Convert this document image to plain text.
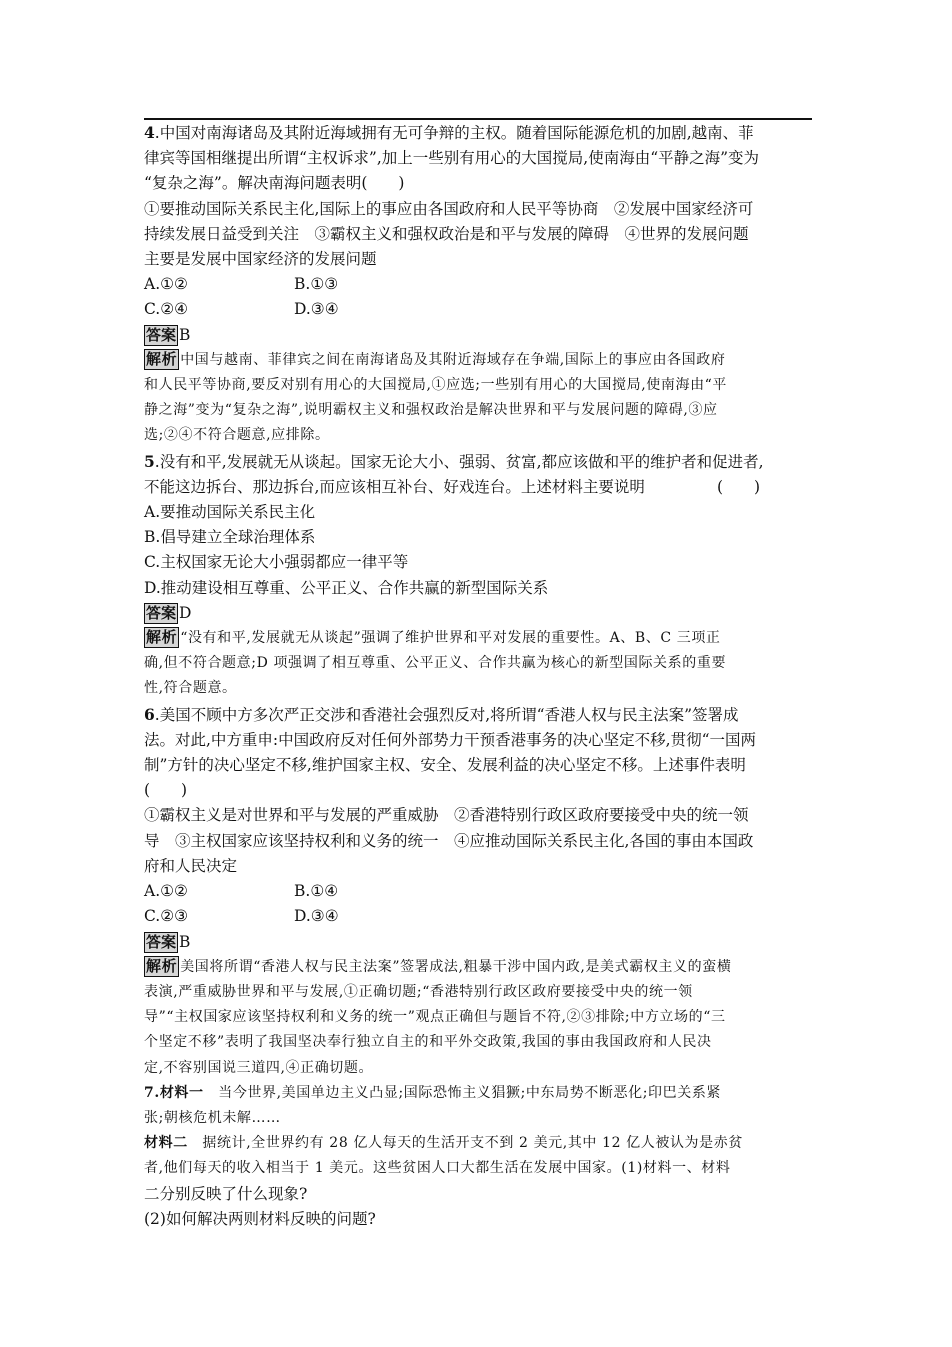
4.中国对南海诸岛及其附近海域拥有无可争辩的主权。随着国际能源危机的加剧,越南、菲
律宾等国相继提出所谓“主权诉求”,加上一些别有用心的大国搅局,使南海由“平静之海”变为
“复杂之海”。解决南海问题表明(　　)
①要推动国际关系民主化,国际上的事应由各国政府和人民平等协商　②发展中国家经济可
持续发展日益受到关注　③霸权主义和强权政治是和平与发展的障碍　④世界的发展问题
主要是发展中国家经济的发展问题
A.①②	B.①③
C.②④	D.③④
答案 B
解析 中国与越南、菲律宾之间在南海诸岛及其附近海域存在争端,国际上的事应由各国政府
和人民平等协商,要反对别有用心的大国搅局,①应选;一些别有用心的大国搅局,使南海由“平
静之海”变为“复杂之海”,说明霸权主义和强权政治是解决世界和平与发展问题的障碍,③应
选;②④不符合题意,应排除。
5.没有和平,发展就无从谈起。国家无论大小、强弱、贫富,都应该做和平的维护者和促进者,
不能这边拆台、那边拆台,而应该相互补台、好戏连台。上述材料主要说明	(　　)
A.要推动国际关系民主化
B.倡导建立全球治理体系
C.主权国家无论大小强弱都应一律平等
D.推动建设相互尊重、公平正义、合作共赢的新型国际关系
答案 D
解析 “没有和平,发展就无从谈起”强调了维护世界和平对发展的重要性。A、B、C 三项正
确,但不符合题意;D 项强调了相互尊重、公平正义、合作共赢为核心的新型国际关系的重要
性,符合题意。
6.美国不顾中方多次严正交涉和香港社会强烈反对,将所谓“香港人权与民主法案”签署成
法。对此,中方重申:中国政府反对任何外部势力干预香港事务的决心坚定不移,贯彻“一国两
制”方针的决心坚定不移,维护国家主权、安全、发展利益的决心坚定不移。上述事件表明
(　　)
①霸权主义是对世界和平与发展的严重威胁　②香港特别行政区政府要接受中央的统一领
导　③主权国家应该坚持权利和义务的统一　④应推动国际关系民主化,各国的事由本国政
府和人民决定
A.①②	B.①④
C.②③	D.③④
答案 B
解析 美国将所谓“香港人权与民主法案”签署成法,粗暴干涉中国内政,是美式霸权主义的蛮横
表演,严重威胁世界和平与发展,①正确切题;“香港特别行政区政府要接受中央的统一领
导”“主权国家应该坚持权利和义务的统一”观点正确但与题旨不符,②③排除;中方立场的“三
个坚定不移”表明了我国坚决奉行独立自主的和平外交政策,我国的事由我国政府和人民决
定,不容别国说三道四,④正确切题。
7.材料一　当今世界,美国单边主义凸显;国际恐怖主义猖獗;中东局势不断恶化;印巴关系紧
张;朝核危机未解……
材料二　据统计,全世界约有 28 亿人每天的生活开支不到 2 美元,其中 12 亿人被认为是赤贫
者,他们每天的收入相当于 1 美元。这些贫困人口大都生活在发展中国家。(1)材料一、材料
二分别反映了什么现象?
(2)如何解决两则材料反映的问题?
